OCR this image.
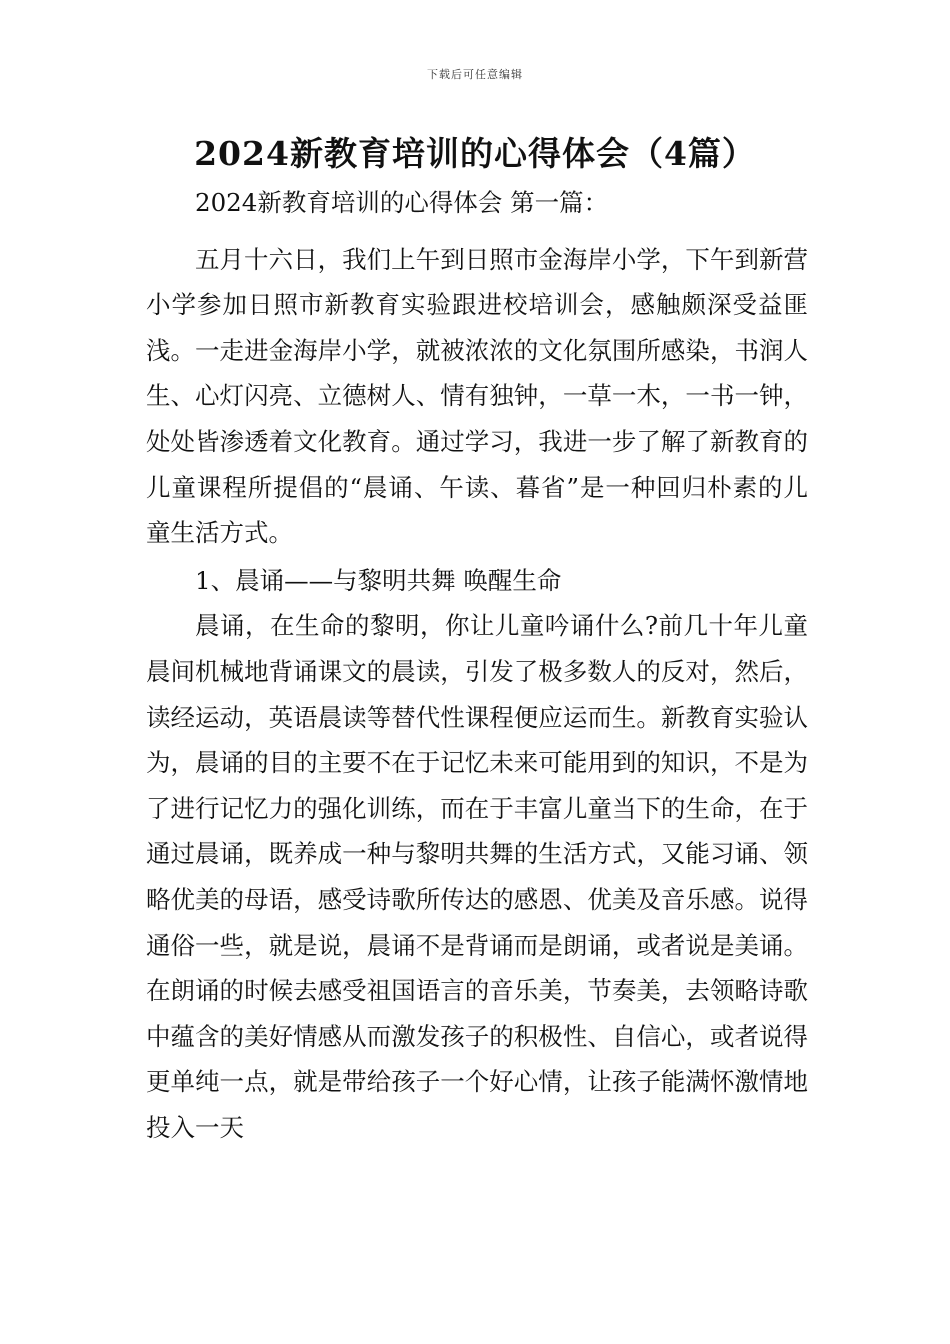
下载后可任意编辑
2024新教育培训的心得体会（4篇）

2024新教育培训的心得体会 第一篇：

五月十六日，我们上午到日照市金海岸小学，下午到新营小学参加日照市新教育实验跟进校培训会，感触颇深受益匪浅。一走进金海岸小学，就被浓浓的文化氛围所感染，书润人生、心灯闪亮、立德树人、情有独钟，一草一木，一书一钟，处处皆渗透着文化教育。通过学习，我进一步了解了新教育的儿童课程所提倡的“晨诵、午读、暮省”是一种回归朴素的儿童生活方式。

1、晨诵——与黎明共舞 唤醒生命

晨诵，在生命的黎明，你让儿童吟诵什么?前几十年儿童晨间机械地背诵课文的晨读，引发了极多数人的反对，然后，读经运动，英语晨读等替代性课程便应运而生。新教育实验认为，晨诵的目的主要不在于记忆未来可能用到的知识，不是为了进行记忆力的强化训练，而在于丰富儿童当下的生命，在于通过晨诵，既养成一种与黎明共舞的生活方式，又能习诵、领略优美的母语，感受诗歌所传达的感恩、优美及音乐感。说得通俗一些，就是说，晨诵不是背诵而是朗诵，或者说是美诵。在朗诵的时候去感受祖国语言的音乐美，节奏美，去领略诗歌中蕴含的美好情感从而激发孩子的积极性、自信心，或者说得更单纯一点，就是带给孩子一个好心情，让孩子能满怀激情地投入一天
